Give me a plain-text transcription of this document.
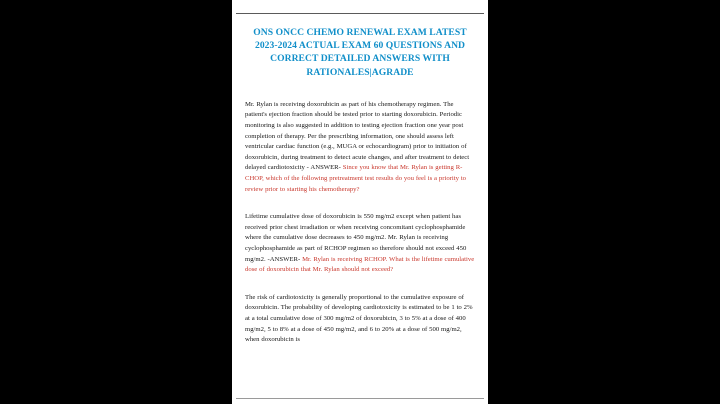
ONS ONCC CHEMO RENEWAL EXAM LATEST 2023-2024 ACTUAL EXAM 60 QUESTIONS AND CORRECT DETAILED ANSWERS WITH RATIONALES|AGRADE

Mr. Rylan is receiving doxorubicin as part of his chemotherapy regimen. The patient's ejection fraction should be tested prior to starting doxorubicin. Periodic monitoring is also suggested in addition to testing ejection fraction one year post completion of therapy. Per the prescribing information, one should assess left ventricular cardiac function (e.g., MUGA or echocardiogram) prior to initiation of doxorubicin, during treatment to detect acute changes, and after treatment to detect delayed cardiotoxicity - ANSWER- Since you know that Mr. Rylan is getting R-CHOP, which of the following pretreatment test results do you feel is a priority to review prior to starting his chemotherapy?

Lifetime cumulative dose of doxorubicin is 550 mg/m2 except when patient has received prior chest irradiation or when receiving concomitant cyclophosphamide where the cumulative dose decreases to 450 mg/m2. Mr. Rylan is receiving cyclophosphamide as part of RCHOP regimen so therefore should not exceed 450 mg/m2. -ANSWER- Mr. Rylan is receiving RCHOP. What is the lifetime cumulative dose of doxorubicin that Mr. Rylan should not exceed?

The risk of cardiotoxicity is generally proportional to the cumulative exposure of doxorubicin. The probability of developing cardiotoxicity is estimated to be 1 to 2% at a total cumulative dose of 300 mg/m2 of doxorubicin, 3 to 5% at a dose of 400 mg/m2, 5 to 8% at a dose of 450 mg/m2, and 6 to 20% at a dose of 500 mg/m2, when doxorubicin is
